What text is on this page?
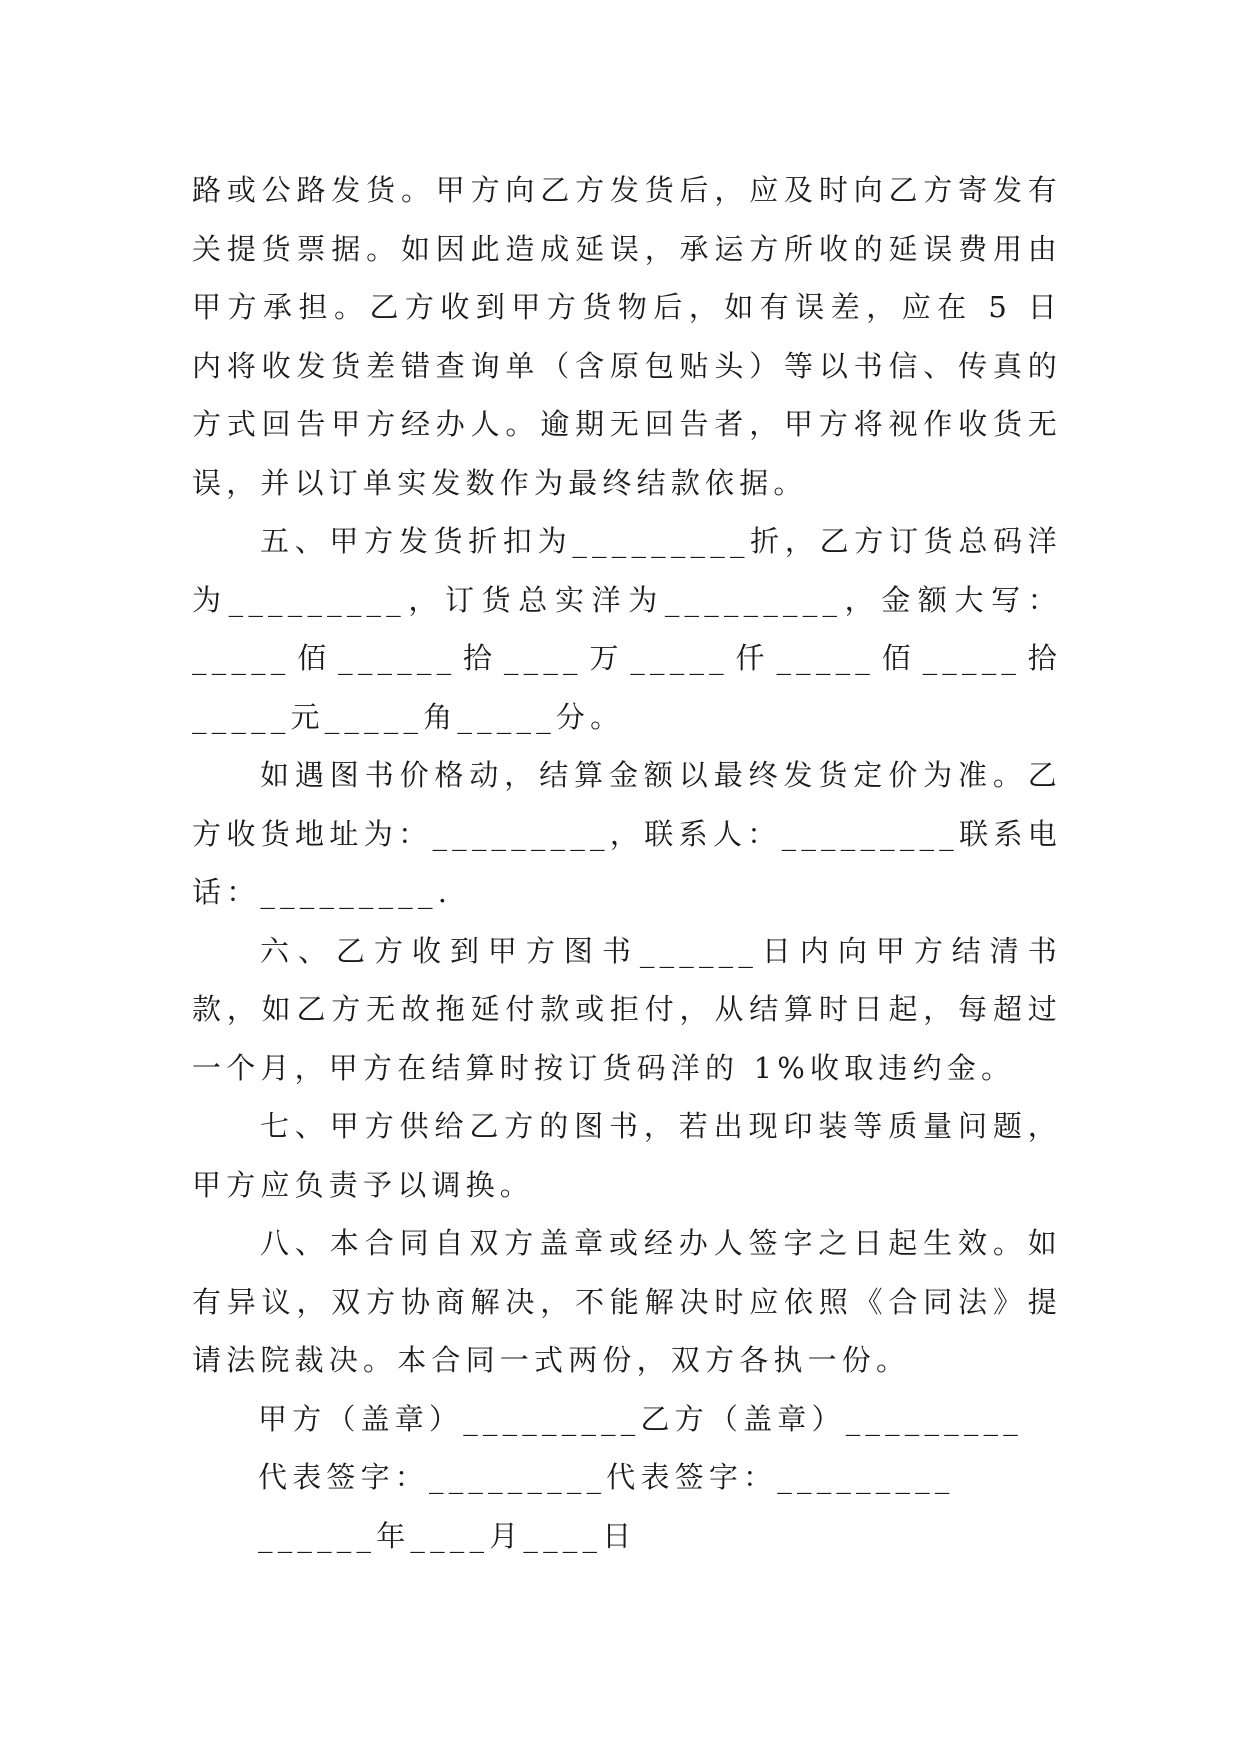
路或公路发货。甲方向乙方发货后，应及时向乙方寄发有关提货票据。如因此造成延误，承运方所收的延误费用由甲方承担。乙方收到甲方货物后，如有误差，应在 5 日内将收发货差错查询单（含原包贴头）等以书信、传真的方式回告甲方经办人。逾期无回告者，甲方将视作收货无误，并以订单实发数作为最终结款依据。

五、甲方发货折扣为_________折，乙方订货总码洋为_________，订货总实洋为_________，金额大写：_____佰______拾____万_____仟_____佰_____拾_____元_____角_____分。

如遇图书价格动，结算金额以最终发货定价为准。乙方收货地址为：_________，联系人：_________联系电话：_________.

六、乙方收到甲方图书______日内向甲方结清书款，如乙方无故拖延付款或拒付，从结算时日起，每超过一个月，甲方在结算时按订货码洋的 1%收取违约金。

七、甲方供给乙方的图书，若出现印装等质量问题，甲方应负责予以调换。

八、本合同自双方盖章或经办人签字之日起生效。如有异议，双方协商解决，不能解决时应依照《合同法》提请法院裁决。本合同一式两份，双方各执一份。

甲方（盖章）_________乙方（盖章）_________

代表签字：_________代表签字：_________

______年____月____日
